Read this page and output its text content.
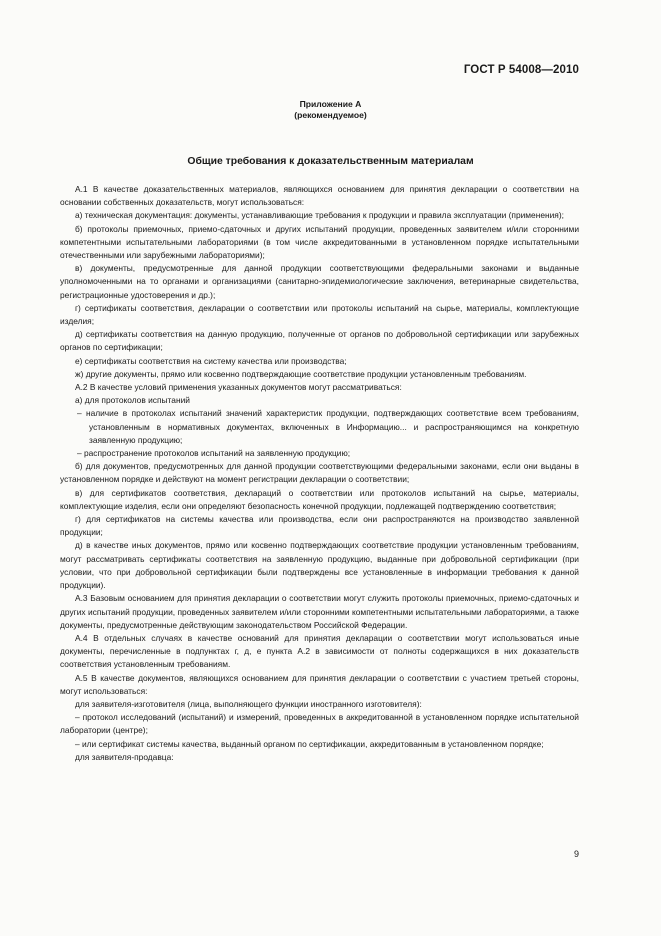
ГОСТ Р 54008—2010
Приложение А
(рекомендуемое)
Общие требования к доказательственным материалам

А.1 В качестве доказательственных материалов, являющихся основанием для принятия декларации о соответствии на основании собственных доказательств, могут использоваться:

а) техническая документация: документы, устанавливающие требования к продукции и правила эксплуатации (применения);

б) протоколы приемочных, приемо-сдаточных и других испытаний продукции, проведенных заявителем и/или сторонними компетентными испытательными лабораториями (в том числе аккредитованными в установленном порядке испытательными отечественными или зарубежными лабораториями);

в) документы, предусмотренные для данной продукции соответствующими федеральными законами и выданные уполномоченными на то органами и организациями (санитарно-эпидемиологические заключения, ветеринарные свидетельства, регистрационные удостоверения и др.);

г) сертификаты соответствия, декларации о соответствии или протоколы испытаний на сырье, материалы, комплектующие изделия;

д) сертификаты соответствия на данную продукцию, полученные от органов по добровольной сертификации или зарубежных органов по сертификации;

е) сертификаты соответствия на систему качества или производства;

ж) другие документы, прямо или косвенно подтверждающие соответствие продукции установленным требованиям.

А.2 В качестве условий применения указанных документов могут рассматриваться:

а) для протоколов испытаний

– наличие в протоколах испытаний значений характеристик продукции, подтверждающих соответствие всем требованиям, установленным в нормативных документах, включенных в Информацию... и распространяющимся на конкретную заявленную продукцию;

– распространение протоколов испытаний на заявленную продукцию;

б) для документов, предусмотренных для данной продукции соответствующими федеральными законами, если они выданы в установленном порядке и действуют на момент регистрации декларации о соответствии;

в) для сертификатов соответствия, деклараций о соответствии или протоколов испытаний на сырье, материалы, комплектующие изделия, если они определяют безопасность конечной продукции, подлежащей подтверждению соответствия;

г) для сертификатов на системы качества или производства, если они распространяются на производство заявленной продукции;

д) в качестве иных документов, прямо или косвенно подтверждающих соответствие продукции установленным требованиям, могут рассматривать сертификаты соответствия на заявленную продукцию, выданные при добровольной сертификации (при условии, что при добровольной сертификации были подтверждены все установленные в информации требования к данной продукции).

А.3 Базовым основанием для принятия декларации о соответствии могут служить протоколы приемочных, приемо-сдаточных и других испытаний продукции, проведенных заявителем и/или сторонними компетентными испытательными лабораториями, а также документы, предусмотренные действующим законодательством Российской Федерации.

А.4 В отдельных случаях в качестве оснований для принятия декларации о соответствии могут использоваться иные документы, перечисленные в подпунктах г, д, е пункта А.2 в зависимости от полноты содержащихся в них доказательств соответствия установленным требованиям.

А.5 В качестве документов, являющихся основанием для принятия декларации о соответствии с участием третьей стороны, могут использоваться:

для заявителя-изготовителя (лица, выполняющего функции иностранного изготовителя):

– протокол исследований (испытаний) и измерений, проведенных в аккредитованной в установленном порядке испытательной лаборатории (центре);

– или сертификат системы качества, выданный органом по сертификации, аккредитованным в установленном порядке;

для заявителя-продавца:

9
